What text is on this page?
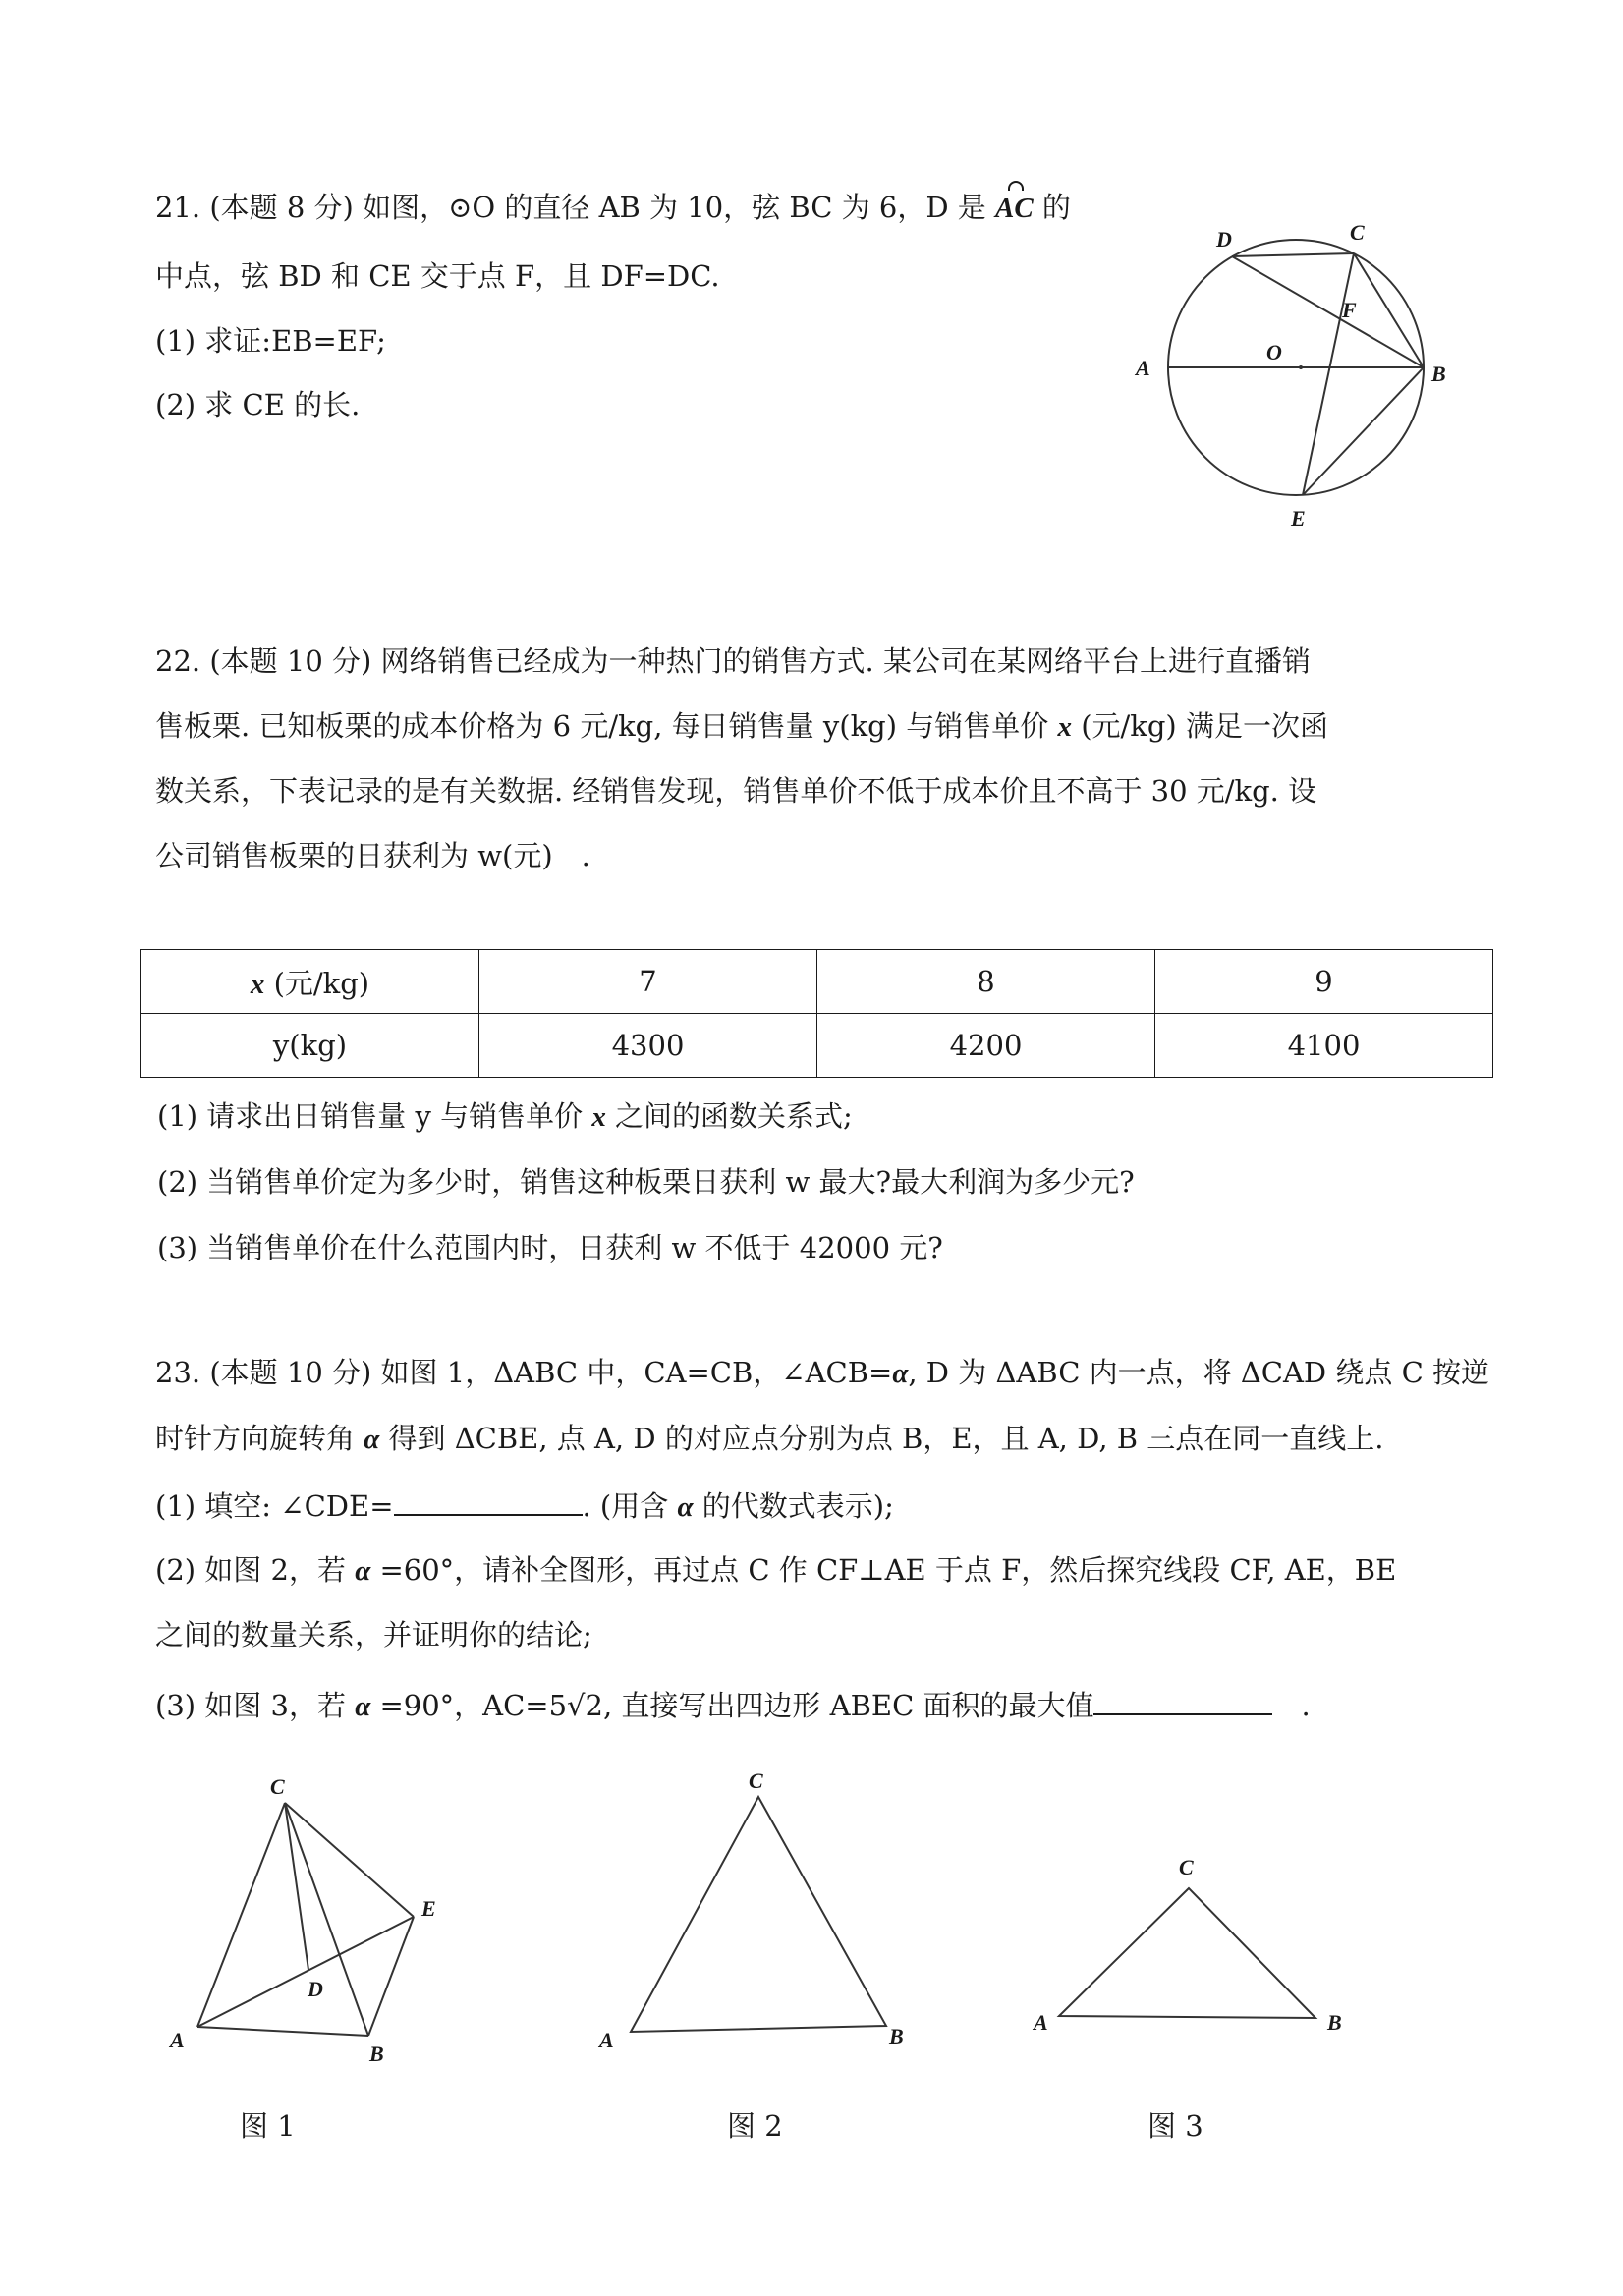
21. (本题 8 分) 如图，⊙O 的直径 AB 为 10，弦 BC 为 6，D 是 AC 的
中点，弦 BD 和 CE 交于点 F，且 DF=DC.
(1) 求证:EB=EF;
(2) 求 CE 的长.
D	C
F
A
O
B
E
22. (本题 10 分) 网络销售已经成为一种热门的销售方式. 某公司在某网络平台上进行直播销
售板栗. 已知板栗的成本价格为 6 元/kg, 每日销售量 y(kg) 与销售单价 x (元/kg) 满足一次函
数关系，下表记录的是有关数据. 经销售发现，销售单价不低于成本价且不高于 30 元/kg. 设
公司销售板栗的日获利为 w(元)　.
x (元/kg)	7	8	9
y(kg)	4300	4200	4100
(1) 请求出日销售量 y 与销售单价 x 之间的函数关系式;
(2) 当销售单价定为多少时，销售这种板栗日获利 w 最大?最大利润为多少元?
(3) 当销售单价在什么范围内时，日获利 w 不低于 42000 元?
23. (本题 10 分) 如图 1，ΔABC 中，CA=CB，∠ACB=α, D 为 ΔABC 内一点，将 ΔCAD 绕点 C 按逆
时针方向旋转角 α 得到 ΔCBE, 点 A, D 的对应点分别为点 B，E，且 A, D, B 三点在同一直线上.
(1) 填空: ∠CDE=	. (用含 α 的代数式表示);
(2) 如图 2，若 α =60°，请补全图形，再过点 C 作 CF⊥AE 于点 F，然后探究线段 CF, AE，BE
之间的数量关系，并证明你的结论;
(3) 如图 3，若 α =90°，AC=5√2, 直接写出四边形 ABEC 面积的最大值	　.
C
E
D
A
B
C
A	B
C
A	B
图 1	图 2	图 3
